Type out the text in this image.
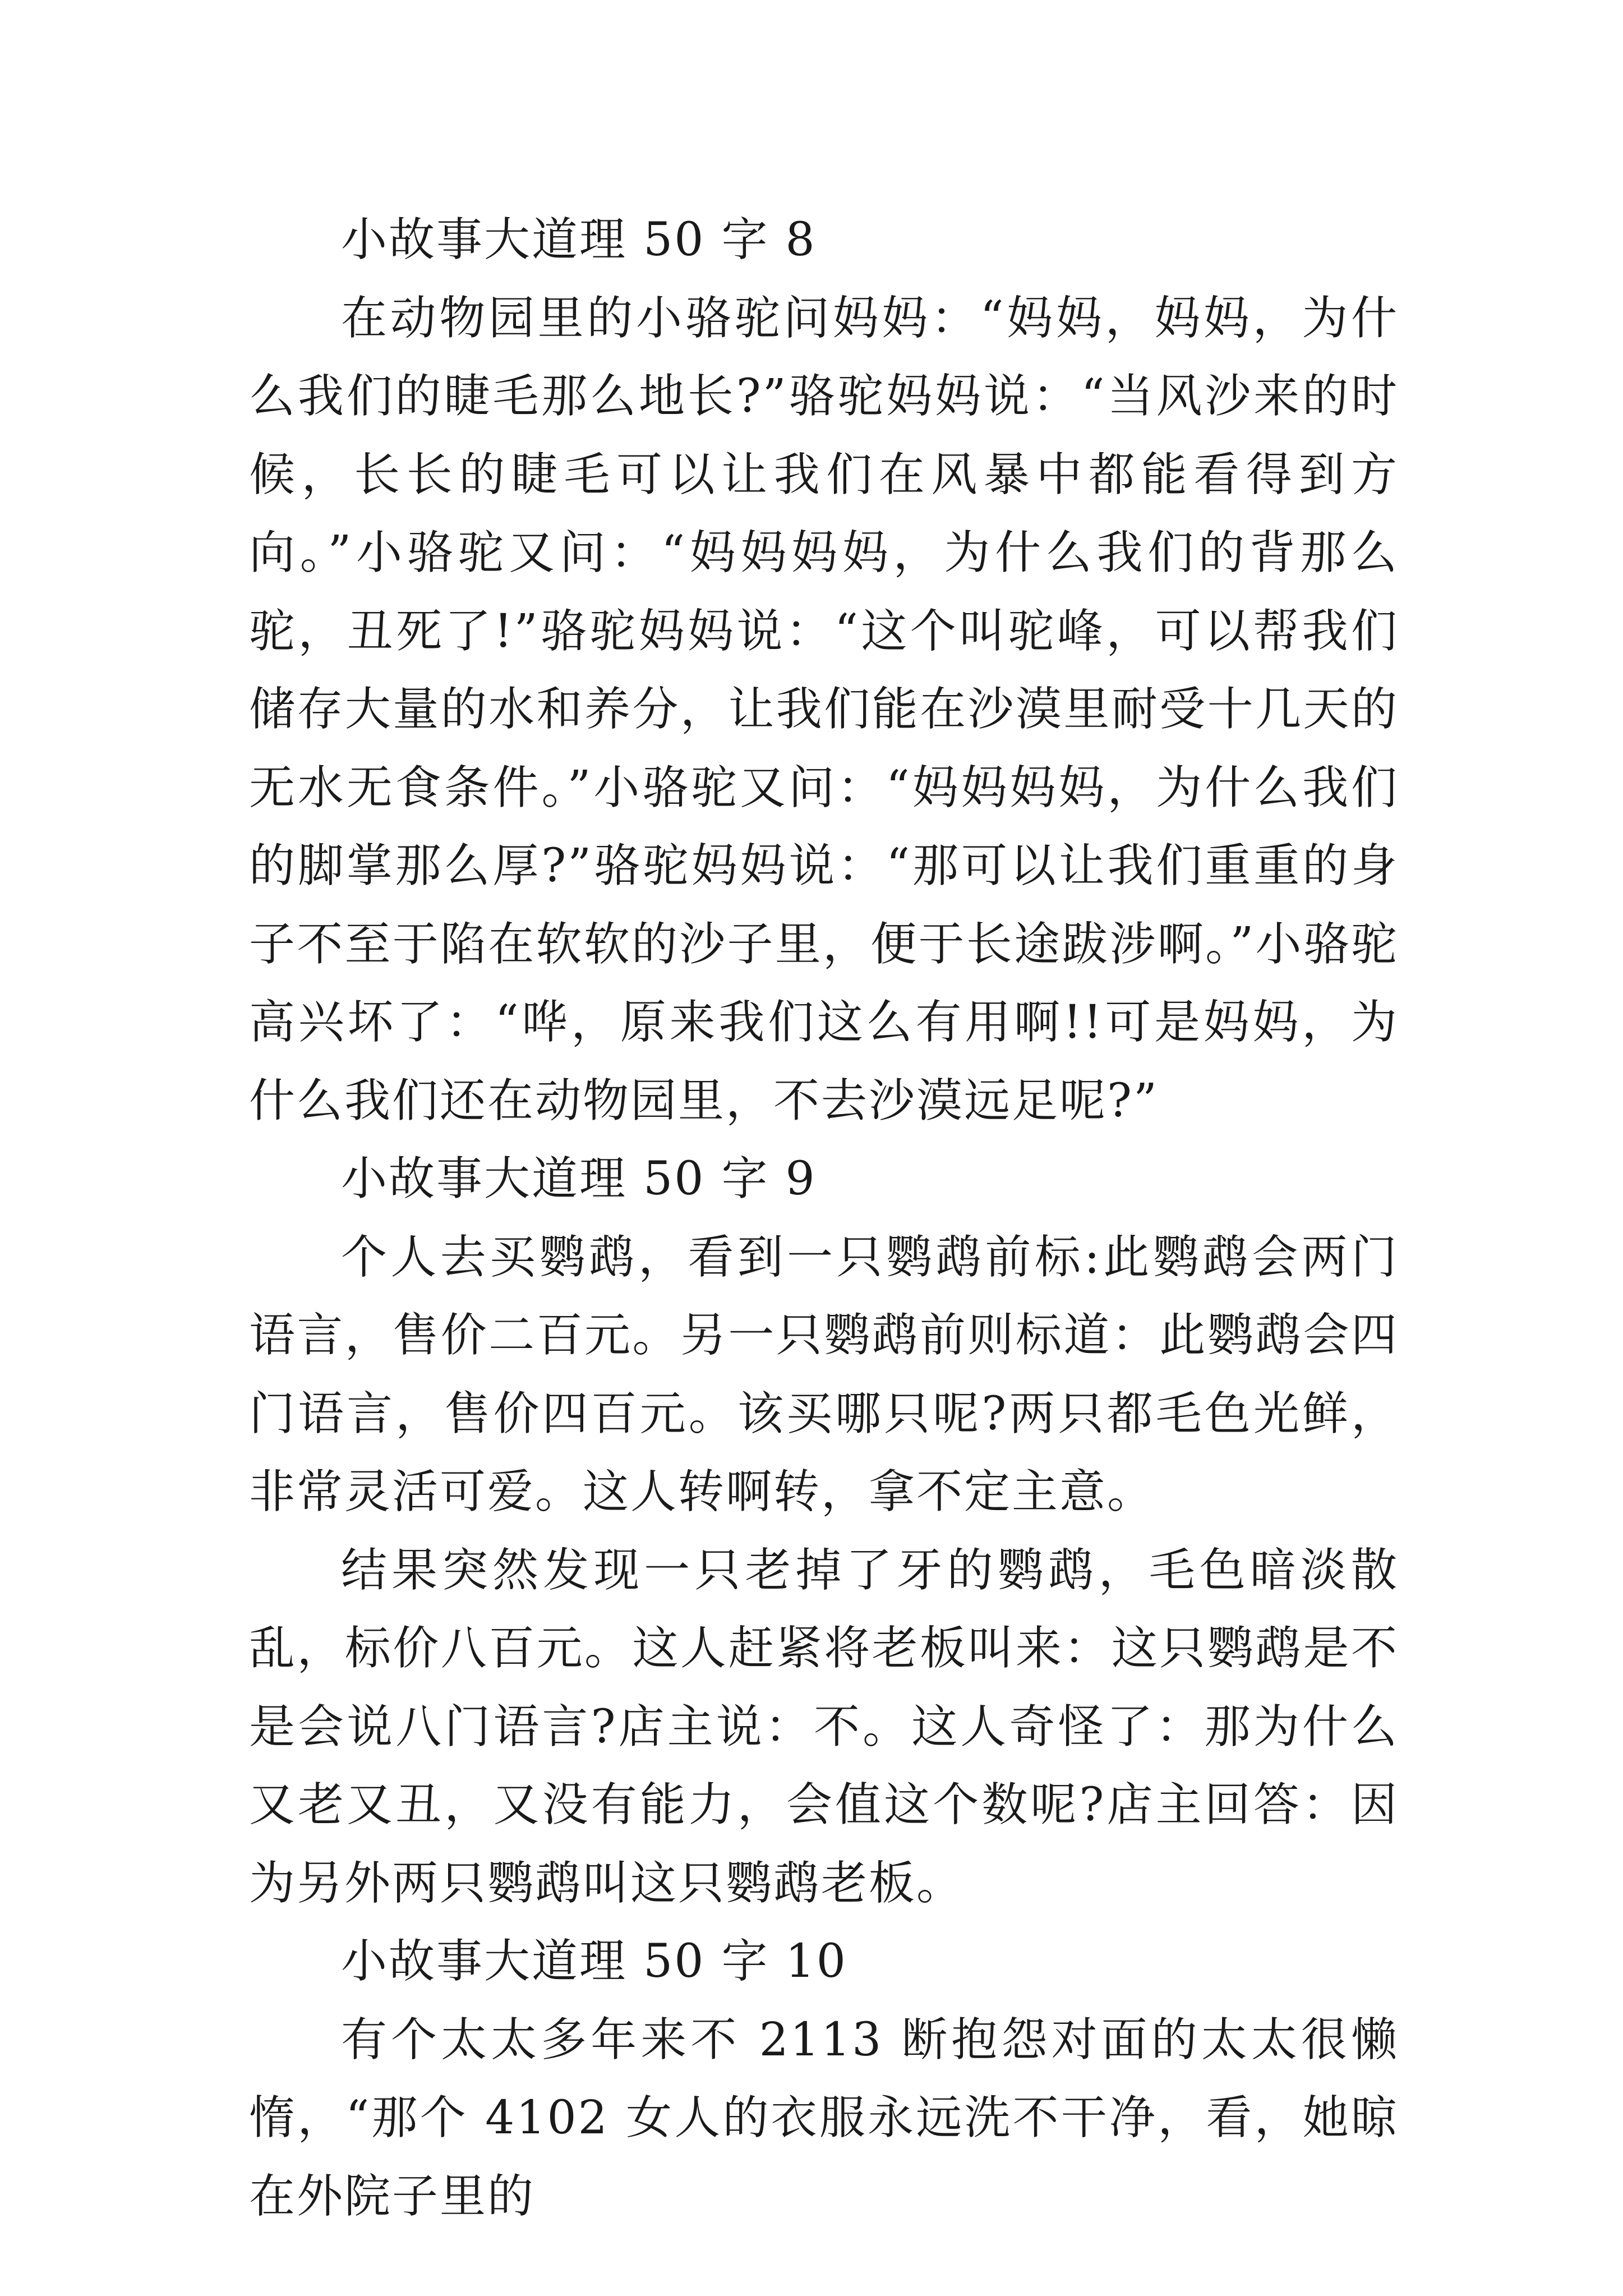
小故事大道理 50 字 8

在动物园里的小骆驼问妈妈：“妈妈，妈妈，为什么我们的睫毛那么地长?”骆驼妈妈说：“当风沙来的时候，长长的睫毛可以让我们在风暴中都能看得到方向。”小骆驼又问：“妈妈妈妈，为什么我们的背那么驼，丑死了!”骆驼妈妈说：“这个叫驼峰，可以帮我们储存大量的水和养分，让我们能在沙漠里耐受十几天的无水无食条件。”小骆驼又问：“妈妈妈妈，为什么我们的脚掌那么厚?”骆驼妈妈说：“那可以让我们重重的身子不至于陷在软软的沙子里，便于长途跋涉啊。”小骆驼高兴坏了：“哗，原来我们这么有用啊!!可是妈妈，为什么我们还在动物园里，不去沙漠远足呢?”

小故事大道理 50 字 9

个人去买鹦鹉，看到一只鹦鹉前标:此鹦鹉会两门语言，售价二百元。另一只鹦鹉前则标道：此鹦鹉会四门语言，售价四百元。该买哪只呢?两只都毛色光鲜，非常灵活可爱。这人转啊转，拿不定主意。

结果突然发现一只老掉了牙的鹦鹉，毛色暗淡散乱，标价八百元。这人赶紧将老板叫来：这只鹦鹉是不是会说八门语言?店主说：不。这人奇怪了：那为什么又老又丑，又没有能力，会值这个数呢?店主回答：因为另外两只鹦鹉叫这只鹦鹉老板。

小故事大道理 50 字 10

有个太太多年来不 2113 断抱怨对面的太太很懒惰，“那个 4102 女人的衣服永远洗不干净，看，她晾在外院子里的
